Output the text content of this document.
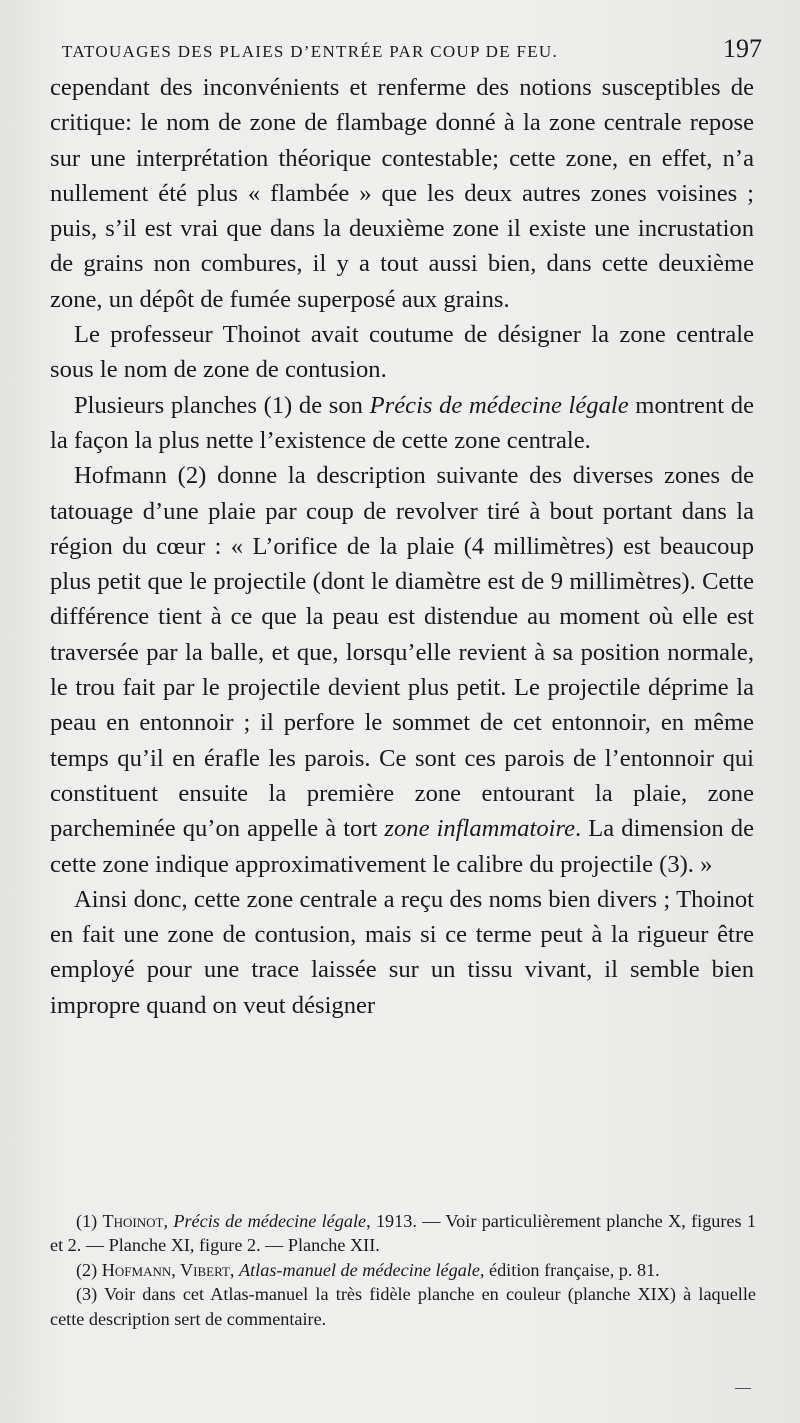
TATOUAGES DES PLAIES D’ENTRÉE PAR COUP DE FEU.	197

cependant des inconvénients et renferme des notions susceptibles de critique: le nom de zone de flambage donné à la zone centrale repose sur une interprétation théorique contestable; cette zone, en effet, n’a nullement été plus « flambée » que les deux autres zones voisines ; puis, s’il est vrai que dans la deuxième zone il existe une incrustation de grains non combures, il y a tout aussi bien, dans cette deuxième zone, un dépôt de fumée superposé aux grains.

Le professeur Thoinot avait coutume de désigner la zone centrale sous le nom de zone de contusion.

Plusieurs planches (1) de son Précis de médecine légale montrent de la façon la plus nette l’existence de cette zone centrale.

Hofmann (2) donne la description suivante des diverses zones de tatouage d’une plaie par coup de revolver tiré à bout portant dans la région du cœur : « L’orifice de la plaie (4 millimètres) est beaucoup plus petit que le projectile (dont le diamètre est de 9 millimètres). Cette différence tient à ce que la peau est distendue au moment où elle est traversée par la balle, et que, lorsqu’elle revient à sa position normale, le trou fait par le projectile devient plus petit. Le projectile déprime la peau en entonnoir ; il perfore le sommet de cet entonnoir, en même temps qu’il en érafle les parois. Ce sont ces parois de l’entonnoir qui constituent ensuite la première zone entourant la plaie, zone parcheminée qu’on appelle à tort zone inflammatoire. La dimension de cette zone indique approximativement le calibre du projectile (3). »

Ainsi donc, cette zone centrale a reçu des noms bien divers ; Thoinot en fait une zone de contusion, mais si ce terme peut à la rigueur être employé pour une trace laissée sur un tissu vivant, il semble bien impropre quand on veut désigner

(1) Thoinot, Précis de médecine légale, 1913. — Voir particulièrement planche X, figures 1 et 2. — Planche XI, figure 2. — Planche XII.

(2) Hofmann, Vibert, Atlas-manuel de médecine légale, édition française, p. 81.

(3) Voir dans cet Atlas-manuel la très fidèle planche en couleur (planche XIX) à laquelle cette description sert de commentaire.
